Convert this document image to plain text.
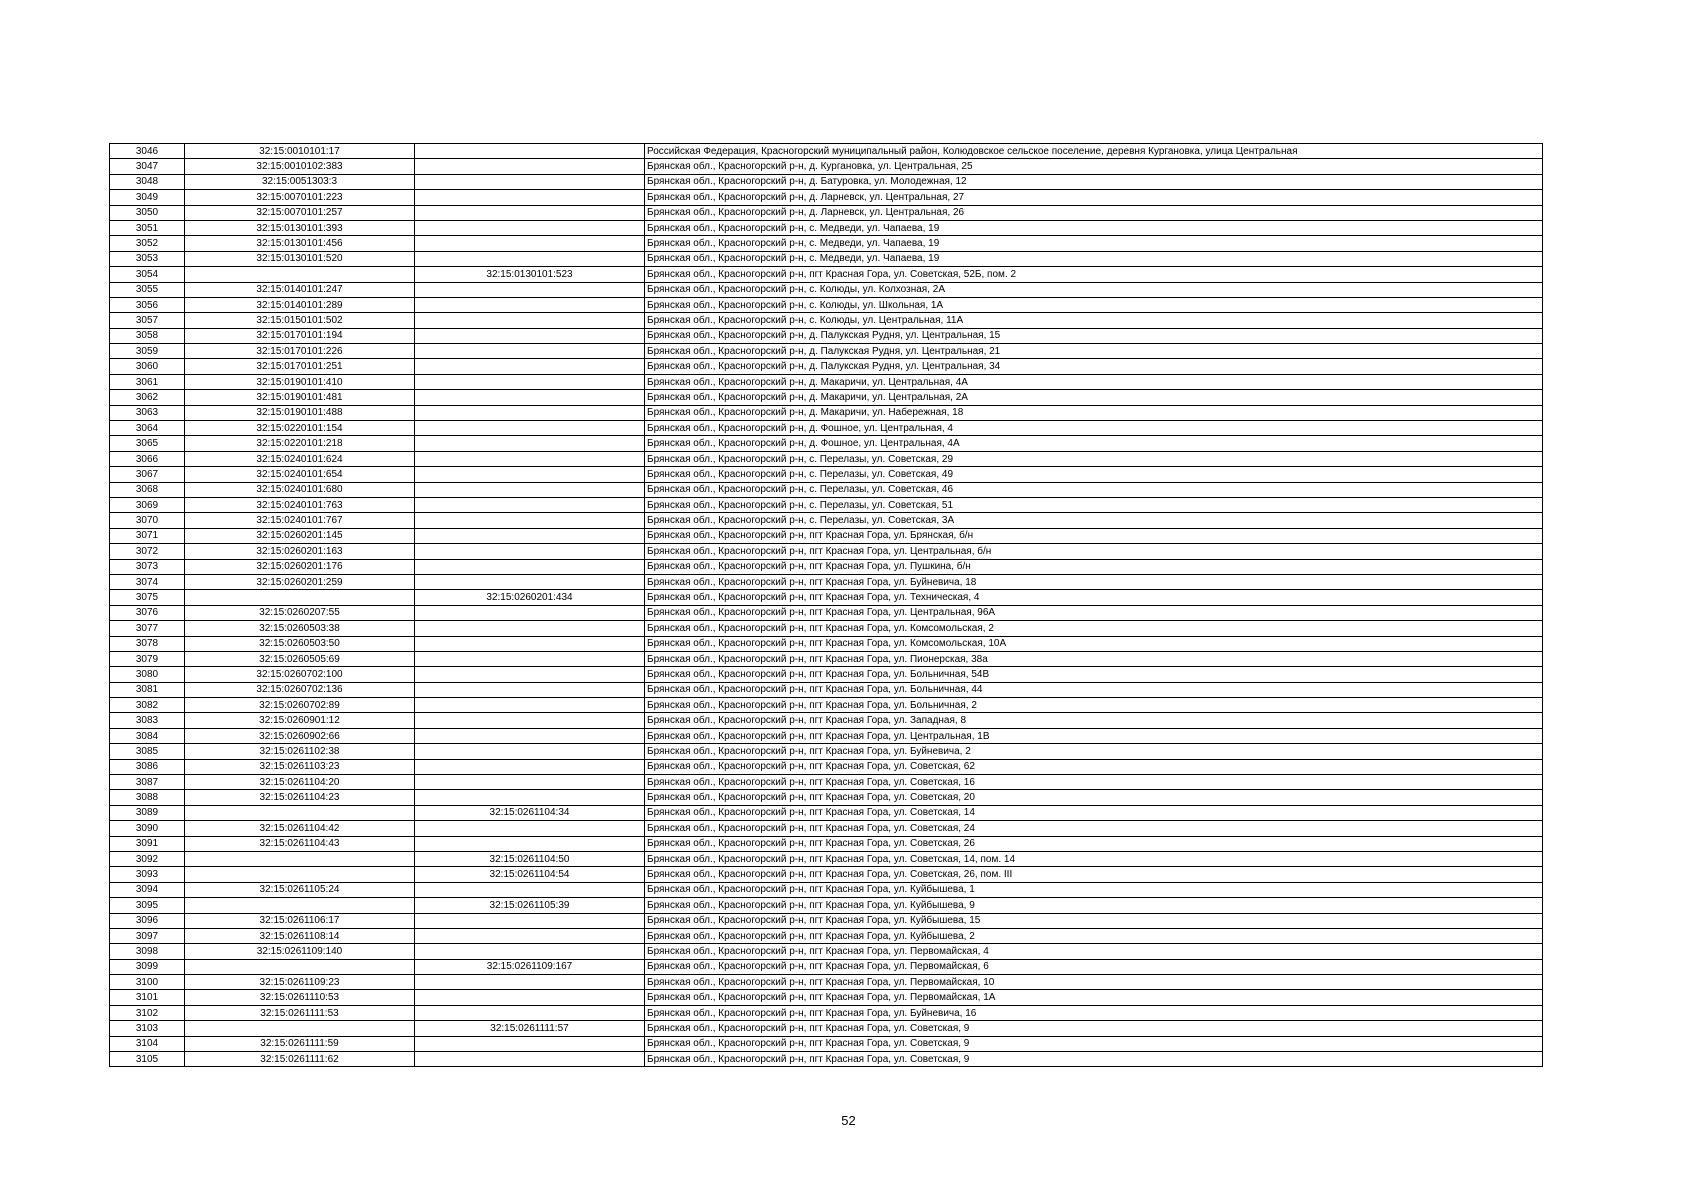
3046	32:15:0010101:17		Российская Федерация, Красногорский муниципальный район, Колюдовское сельское поселение, деревня Кургановка, улица Центральная
3047	32:15:0010102:383		Брянская обл., Красногорский р-н, д. Кургановка, ул. Центральная, 25
3048	32:15:0051303:3		Брянская обл., Красногорский р-н, д. Батуровка, ул. Молодежная, 12
3049	32:15:0070101:223		Брянская обл., Красногорский р-н, д. Ларневск, ул. Центральная, 27
3050	32:15:0070101:257		Брянская обл., Красногорский р-н, д. Ларневск, ул. Центральная, 26
3051	32:15:0130101:393		Брянская обл., Красногорский р-н, с. Медведи, ул. Чапаева, 19
3052	32:15:0130101:456		Брянская обл., Красногорский р-н, с. Медведи, ул. Чапаева, 19
3053	32:15:0130101:520		Брянская обл., Красногорский р-н, с. Медведи, ул. Чапаева, 19
3054		32:15:0130101:523	Брянская обл., Красногорский р-н, пгт Красная Гора, ул. Советская, 52Б, пом. 2
3055	32:15:0140101:247		Брянская обл., Красногорский р-н, с. Колюды, ул. Колхозная, 2А
3056	32:15:0140101:289		Брянская обл., Красногорский р-н, с. Колюды, ул. Школьная, 1А
3057	32:15:0150101:502		Брянская обл., Красногорский р-н, с. Колюды, ул. Центральная, 11А
3058	32:15:0170101:194		Брянская обл., Красногорский р-н, д. Палукская Рудня, ул. Центральная, 15
3059	32:15:0170101:226		Брянская обл., Красногорский р-н, д. Палукская Рудня, ул. Центральная, 21
3060	32:15:0170101:251		Брянская обл., Красногорский р-н, д. Палукская Рудня, ул. Центральная, 34
3061	32:15:0190101:410		Брянская обл., Красногорский р-н, д. Макаричи, ул. Центральная, 4А
3062	32:15:0190101:481		Брянская обл., Красногорский р-н, д. Макаричи, ул. Центральная, 2А
3063	32:15:0190101:488		Брянская обл., Красногорский р-н, д. Макаричи, ул. Набережная, 18
3064	32:15:0220101:154		Брянская обл., Красногорский р-н, д. Фошное, ул. Центральная, 4
3065	32:15:0220101:218		Брянская обл., Красногорский р-н, д. Фошное, ул. Центральная, 4А
3066	32:15:0240101:624		Брянская обл., Красногорский р-н, с. Перелазы, ул. Советская, 29
3067	32:15:0240101:654		Брянская обл., Красногорский р-н, с. Перелазы, ул. Советская, 49
3068	32:15:0240101:680		Брянская обл., Красногорский р-н, с. Перелазы, ул. Советская, 46
3069	32:15:0240101:763		Брянская обл., Красногорский р-н, с. Перелазы, ул. Советская, 51
3070	32:15:0240101:767		Брянская обл., Красногорский р-н, с. Перелазы, ул. Советская, 3А
3071	32:15:0260201:145		Брянская обл., Красногорский р-н, пгт Красная Гора, ул. Брянская, б/н
3072	32:15:0260201:163		Брянская обл., Красногорский р-н, пгт Красная Гора, ул. Центральная, б/н
3073	32:15:0260201:176		Брянская обл., Красногорский р-н, пгт Красная Гора, ул. Пушкина, б/н
3074	32:15:0260201:259		Брянская обл., Красногорский р-н, пгт Красная Гора, ул. Буйневича, 18
3075		32:15:0260201:434	Брянская обл., Красногорский р-н, пгт Красная Гора, ул. Техническая, 4
3076	32:15:0260207:55		Брянская обл., Красногорский р-н, пгт Красная Гора, ул. Центральная, 96А
3077	32:15:0260503:38		Брянская обл., Красногорский р-н, пгт Красная Гора, ул. Комсомольская, 2
3078	32:15:0260503:50		Брянская обл., Красногорский р-н, пгт Красная Гора, ул. Комсомольская, 10А
3079	32:15:0260505:69		Брянская обл., Красногорский р-н, пгт Красная Гора, ул. Пионерская, 38а
3080	32:15:0260702:100		Брянская обл., Красногорский р-н, пгт Красная Гора, ул. Больничная, 54В
3081	32:15:0260702:136		Брянская обл., Красногорский р-н, пгт Красная Гора, ул. Больничная, 44
3082	32:15:0260702:89		Брянская обл., Красногорский р-н, пгт Красная Гора, ул. Больничная, 2
3083	32:15:0260901:12		Брянская обл., Красногорский р-н, пгт Красная Гора, ул. Западная, 8
3084	32:15:0260902:66		Брянская обл., Красногорский р-н, пгт Красная Гора, ул. Центральная, 1В
3085	32:15:0261102:38		Брянская обл., Красногорский р-н, пгт Красная Гора, ул. Буйневича, 2
3086	32:15:0261103:23		Брянская обл., Красногорский р-н, пгт Красная Гора, ул. Советская, 62
3087	32:15:0261104:20		Брянская обл., Красногорский р-н, пгт Красная Гора, ул. Советская, 16
3088	32:15:0261104:23		Брянская обл., Красногорский р-н, пгт Красная Гора, ул. Советская, 20
3089		32:15:0261104:34	Брянская обл., Красногорский р-н, пгт Красная Гора, ул. Советская, 14
3090	32:15:0261104:42		Брянская обл., Красногорский р-н, пгт Красная Гора, ул. Советская, 24
3091	32:15:0261104:43		Брянская обл., Красногорский р-н, пгт Красная Гора, ул. Советская, 26
3092		32:15:0261104:50	Брянская обл., Красногорский р-н, пгт Красная Гора, ул. Советская, 14, пом. 14
3093		32:15:0261104:54	Брянская обл., Красногорский р-н, пгт Красная Гора, ул. Советская, 26, пом. III
3094	32:15:0261105:24		Брянская обл., Красногорский р-н, пгт Красная Гора, ул. Куйбышева, 1
3095		32:15:0261105:39	Брянская обл., Красногорский р-н, пгт Красная Гора, ул. Куйбышева, 9
3096	32:15:0261106:17		Брянская обл., Красногорский р-н, пгт Красная Гора, ул. Куйбышева, 15
3097	32:15:0261108:14		Брянская обл., Красногорский р-н, пгт Красная Гора, ул. Куйбышева, 2
3098	32:15:0261109:140		Брянская обл., Красногорский р-н, пгт Красная Гора, ул. Первомайская, 4
3099		32:15:0261109:167	Брянская обл., Красногорский р-н, пгт Красная Гора, ул. Первомайская, 6
3100	32:15:0261109:23		Брянская обл., Красногорский р-н, пгт Красная Гора, ул. Первомайская, 10
3101	32:15:0261110:53		Брянская обл., Красногорский р-н, пгт Красная Гора, ул. Первомайская, 1А
3102	32:15:0261111:53		Брянская обл., Красногорский р-н, пгт Красная Гора, ул. Буйневича, 16
3103		32:15:0261111:57	Брянская обл., Красногорский р-н, пгт Красная Гора, ул. Советская, 9
3104	32:15:0261111:59		Брянская обл., Красногорский р-н, пгт Красная Гора, ул. Советская, 9
3105	32:15:0261111:62		Брянская обл., Красногорский р-н, пгт Красная Гора, ул. Советская, 9
52
